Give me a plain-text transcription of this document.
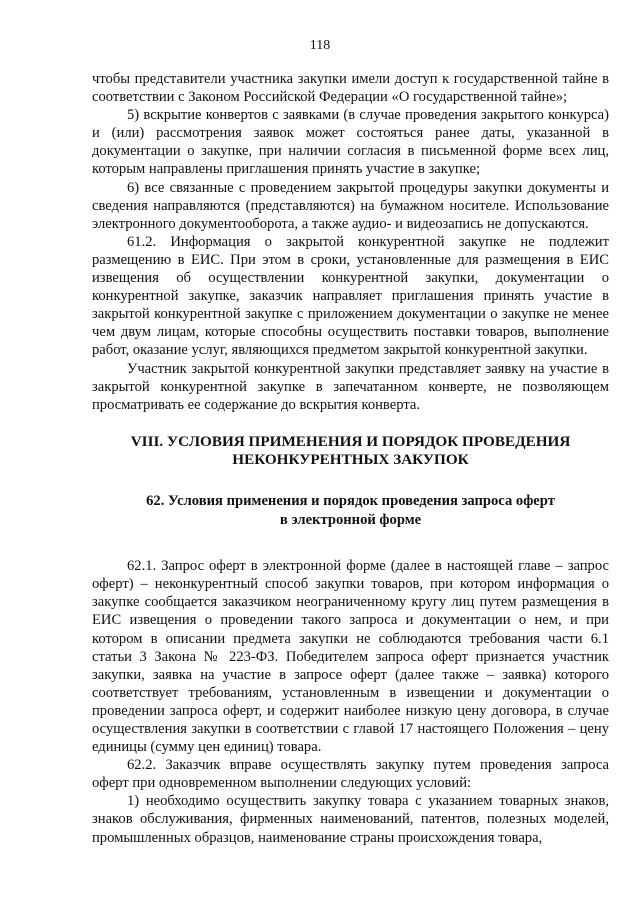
118

чтобы представители участника закупки имели доступ к государственной тайне в соответствии с Законом Российской Федерации «О государственной тайне»;

5) вскрытие конвертов с заявками (в случае проведения закрытого конкурса) и (или) рассмотрения заявок может состояться ранее даты, указанной в документации о закупке, при наличии согласия в письменной форме всех лиц, которым направлены приглашения принять участие в закупке;

6) все связанные с проведением закрытой процедуры закупки документы и сведения направляются (представляются) на бумажном носителе. Использование электронного документооборота, а также аудио- и видеозапись не допускаются.

61.2. Информация о закрытой конкурентной закупке не подлежит размещению в ЕИС. При этом в сроки, установленные для размещения в ЕИС извещения об осуществлении конкурентной закупки, документации о конкурентной закупке, заказчик направляет приглашения принять участие в закрытой конкурентной закупке с приложением документации о закупке не менее чем двум лицам, которые способны осуществить поставки товаров, выполнение работ, оказание услуг, являющихся предметом закрытой конкурентной закупки.

Участник закрытой конкурентной закупки представляет заявку на участие в закрытой конкурентной закупке в запечатанном конверте, не позволяющем просматривать ее содержание до вскрытия конверта.

VIII. УСЛОВИЯ ПРИМЕНЕНИЯ И ПОРЯДОК ПРОВЕДЕНИЯ
НЕКОНКУРЕНТНЫХ ЗАКУПОК
62. Условия применения и порядок проведения запроса оферт
в электронной форме

62.1. Запрос оферт в электронной форме (далее в настоящей главе – запрос оферт) – неконкурентный способ закупки товаров, при котором информация о закупке сообщается заказчиком неограниченному кругу лиц путем размещения в ЕИС извещения о проведении такого запроса и документации о нем, и при котором в описании предмета закупки не соблюдаются требования части 6.1 статьи 3 Закона № 223-ФЗ. Победителем запроса оферт признается участник закупки, заявка на участие в запросе оферт (далее также – заявка) которого соответствует требованиям, установленным в извещении и документации о проведении запроса оферт, и содержит наиболее низкую цену договора, в случае осуществления закупки в соответствии с главой 17 настоящего Положения – цену единицы (сумму цен единиц) товара.

62.2. Заказчик вправе осуществлять закупку путем проведения запроса оферт при одновременном выполнении следующих условий:

1) необходимо осуществить закупку товара с указанием товарных знаков, знаков обслуживания, фирменных наименований, патентов, полезных моделей, промышленных образцов, наименование страны происхождения товара,
